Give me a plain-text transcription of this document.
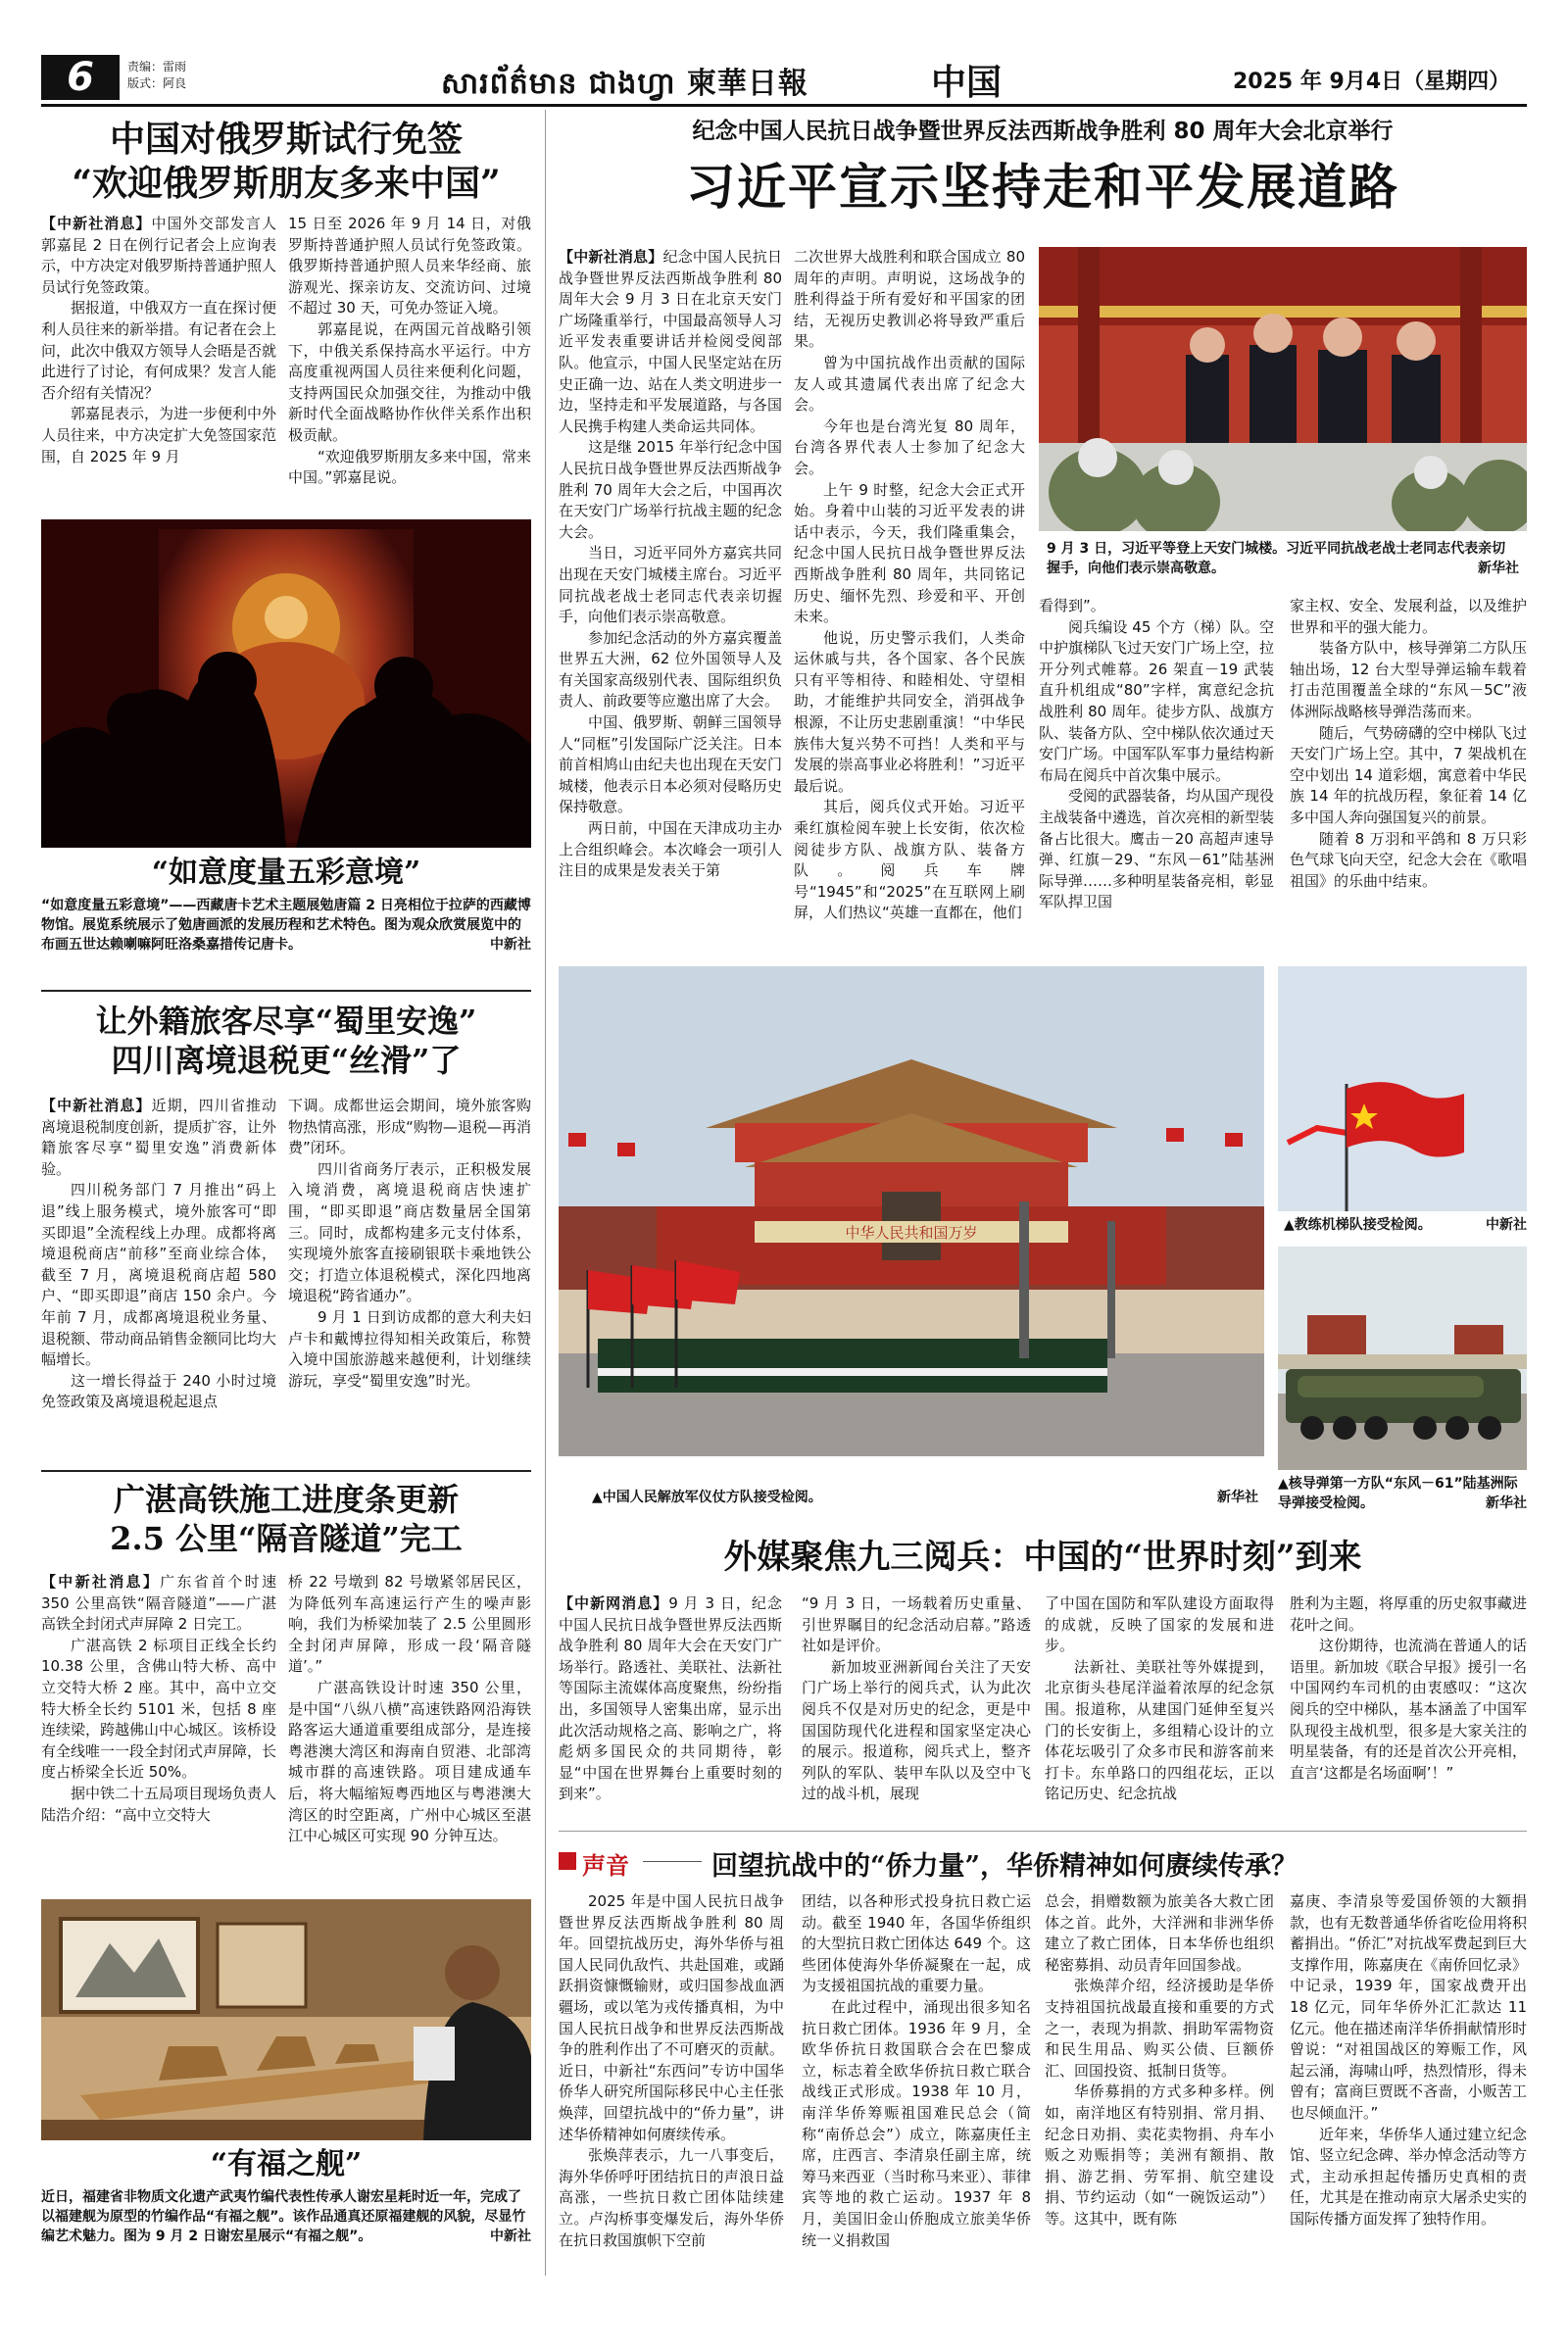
6	责编：雷雨
版式：阿良	សារព័ត៌មាន ជាងហ្វា 柬華日報	中国	2025 年 9月4日（星期四）
中国对俄罗斯试行免签
“欢迎俄罗斯朋友多来中国”

【中新社消息】中国外交部发言人郭嘉昆 2 日在例行记者会上应询表示，中方决定对俄罗斯持普通护照人员试行免签政策。

据报道，中俄双方一直在探讨便利人员往来的新举措。有记者在会上问，此次中俄双方领导人会晤是否就此进行了讨论，有何成果？发言人能否介绍有关情况？

郭嘉昆表示，为进一步便利中外人员往来，中方决定扩大免签国家范围，自 2025 年 9 月

15 日至 2026 年 9 月 14 日，对俄罗斯持普通护照人员试行免签政策。俄罗斯持普通护照人员来华经商、旅游观光、探亲访友、交流访问、过境不超过 30 天，可免办签证入境。

郭嘉昆说，在两国元首战略引领下，中俄关系保持高水平运行。中方高度重视两国人员往来便利化问题，支持两国民众加强交往，为推动中俄新时代全面战略协作伙伴关系作出积极贡献。

“欢迎俄罗斯朋友多来中国，常来中国。”郭嘉昆说。

“如意度量五彩意境”
“如意度量五彩意境”——西藏唐卡艺术主题展勉唐篇 2 日亮相位于拉萨的西藏博物馆。展览系统展示了勉唐画派的发展历程和艺术特色。图为观众欣赏展览中的布画五世达赖喇嘛阿旺洛桑嘉措传记唐卡。	中新社
让外籍旅客尽享“蜀里安逸”
四川离境退税更“丝滑”了

【中新社消息】近期，四川省推动离境退税制度创新，提质扩容，让外籍旅客尽享“蜀里安逸”消费新体验。

四川税务部门 7 月推出“码上退”线上服务模式，境外旅客可“即买即退”全流程线上办理。成都将离境退税商店“前移”至商业综合体，截至 7 月，离境退税商店超 580 户、“即买即退”商店 150 余户。今年前 7 月，成都离境退税业务量、退税额、带动商品销售金额同比均大幅增长。

这一增长得益于 240 小时过境免签政策及离境退税起退点

下调。成都世运会期间，境外旅客购物热情高涨，形成“购物—退税—再消费”闭环。

四川省商务厅表示，正积极发展入境消费，离境退税商店快速扩围，“即买即退”商店数量居全国第三。同时，成都构建多元支付体系，实现境外旅客直接刷银联卡乘地铁公交；打造立体退税模式，深化四地离境退税“跨省通办”。

9 月 1 日到访成都的意大利夫妇卢卡和戴博拉得知相关政策后，称赞入境中国旅游越来越便利，计划继续游玩，享受“蜀里安逸”时光。

广湛高铁施工进度条更新
2.5 公里“隔音隧道”完工

【中新社消息】广东省首个时速 350 公里高铁“隔音隧道”——广湛高铁全封闭式声屏障 2 日完工。

广湛高铁 2 标项目正线全长约 10.38 公里，含佛山特大桥、高中立交特大桥 2 座。其中，高中立交特大桥全长约 5101 米，包括 8 座连续梁，跨越佛山中心城区。该桥设有全线唯一一段全封闭式声屏障，长度占桥梁全长近 50%。

据中铁二十五局项目现场负责人陆浩介绍：“高中立交特大

桥 22 号墩到 82 号墩紧邻居民区，为降低列车高速运行产生的噪声影响，我们为桥梁加装了 2.5 公里圆形全封闭声屏障，形成一段‘隔音隧道’。”

广湛高铁设计时速 350 公里，是中国“八纵八横”高速铁路网沿海铁路客运大通道重要组成部分，是连接粤港澳大湾区和海南自贸港、北部湾城市群的高速铁路。项目建成通车后，将大幅缩短粤西地区与粤港澳大湾区的时空距离，广州中心城区至湛江中心城区可实现 90 分钟互达。

“有福之舰”
近日，福建省非物质文化遗产武夷竹编代表性传承人谢宏星耗时近一年，完成了以福建舰为原型的竹编作品“有福之舰”。该作品通真还原福建舰的风貌，尽显竹编艺术魅力。图为 9 月 2 日谢宏星展示“有福之舰”。	中新社
纪念中国人民抗日战争暨世界反法西斯战争胜利 80 周年大会北京举行
习近平宣示坚持走和平发展道路

【中新社消息】纪念中国人民抗日战争暨世界反法西斯战争胜利 80 周年大会 9 月 3 日在北京天安门广场隆重举行，中国最高领导人习近平发表重要讲话并检阅受阅部队。他宣示，中国人民坚定站在历史正确一边、站在人类文明进步一边，坚持走和平发展道路，与各国人民携手构建人类命运共同体。

这是继 2015 年举行纪念中国人民抗日战争暨世界反法西斯战争胜利 70 周年大会之后，中国再次在天安门广场举行抗战主题的纪念大会。

当日，习近平同外方嘉宾共同出现在天安门城楼主席台。习近平同抗战老战士老同志代表亲切握手，向他们表示崇高敬意。

参加纪念活动的外方嘉宾覆盖世界五大洲，62 位外国领导人及有关国家高级别代表、国际组织负责人、前政要等应邀出席了大会。

中国、俄罗斯、朝鲜三国领导人“同框”引发国际广泛关注。日本前首相鸠山由纪夫也出现在天安门城楼，他表示日本必须对侵略历史保持敬意。

两日前，中国在天津成功主办上合组织峰会。本次峰会一项引人注目的成果是发表关于第

二次世界大战胜利和联合国成立 80 周年的声明。声明说，这场战争的胜利得益于所有爱好和平国家的团结，无视历史教训必将导致严重后果。

曾为中国抗战作出贡献的国际友人或其遗属代表出席了纪念大会。

今年也是台湾光复 80 周年，台湾各界代表人士参加了纪念大会。

上午 9 时整，纪念大会正式开始。身着中山装的习近平发表的讲话中表示，今天，我们隆重集会，纪念中国人民抗日战争暨世界反法西斯战争胜利 80 周年，共同铭记历史、缅怀先烈、珍爱和平、开创未来。

他说，历史警示我们，人类命运休戚与共，各个国家、各个民族只有平等相待、和睦相处、守望相助，才能维护共同安全，消弭战争根源，不让历史悲剧重演！“中华民族伟大复兴势不可挡！人类和平与发展的崇高事业必将胜利！”习近平最后说。

其后，阅兵仪式开始。习近平乘红旗检阅车驶上长安街，依次检阅徒步方队、战旗方队、装备方队。阅兵车牌号“1945”和“2025”在互联网上刷屏，人们热议“英雄一直都在，他们

9 月 3 日，习近平等登上天安门城楼。习近平同抗战老战士老同志代表亲切握手，向他们表示崇高敬意。	新华社

看得到”。

阅兵编设 45 个方（梯）队。空中护旗梯队飞过天安门广场上空，拉开分列式帷幕。26 架直－19 武装直升机组成“80”字样，寓意纪念抗战胜利 80 周年。徒步方队、战旗方队、装备方队、空中梯队依次通过天安门广场。中国军队军事力量结构新布局在阅兵中首次集中展示。

受阅的武器装备，均从国产现役主战装备中遴选，首次亮相的新型装备占比很大。鹰击－20 高超声速导弹、红旗－29、“东风－61”陆基洲际导弹……多种明星装备亮相，彰显军队捍卫国

家主权、安全、发展利益，以及维护世界和平的强大能力。

装备方队中，核导弹第二方队压轴出场，12 台大型导弹运输车载着打击范围覆盖全球的“东风－5C”液体洲际战略核导弹浩荡而来。

随后，气势磅礴的空中梯队飞过天安门广场上空。其中，7 架战机在空中划出 14 道彩烟，寓意着中华民族 14 年的抗战历程，象征着 14 亿多中国人奔向强国复兴的前景。

随着 8 万羽和平鸽和 8 万只彩色气球飞向天空，纪念大会在《歌唱祖国》的乐曲中结束。

中华人民共和国万岁
▲中国人民解放军仪仗方队接受检阅。	新华社
▲教练机梯队接受检阅。	中新社
▲核导弹第一方队“东风－61”陆基洲际导弹接受检阅。	新华社
外媒聚焦九三阅兵：中国的“世界时刻”到来

【中新网消息】9 月 3 日，纪念中国人民抗日战争暨世界反法西斯战争胜利 80 周年大会在天安门广场举行。路透社、美联社、法新社等国际主流媒体高度聚焦，纷纷指出，多国领导人密集出席，显示出此次活动规格之高、影响之广，将彪炳多国民众的共同期待，彰显“中国在世界舞台上重要时刻的到来”。

“9 月 3 日，一场载着历史重量、引世界瞩目的纪念活动启幕。”路透社如是评价。

新加坡亚洲新闻台关注了天安门广场上举行的阅兵式，认为此次阅兵不仅是对历史的纪念，更是中国国防现代化进程和国家坚定决心的展示。报道称，阅兵式上，整齐列队的军队、装甲车队以及空中飞过的战斗机，展现

了中国在国防和军队建设方面取得的成就，反映了国家的发展和进步。

法新社、美联社等外媒提到，北京街头巷尾洋溢着浓厚的纪念氛围。报道称，从建国门延伸至复兴门的长安街上，多组精心设计的立体花坛吸引了众多市民和游客前来打卡。东单路口的四组花坛，正以铭记历史、纪念抗战

胜利为主题，将厚重的历史叙事藏进花叶之间。

这份期待，也流淌在普通人的话语里。新加坡《联合早报》援引一名中国网约车司机的由衷感叹：“这次阅兵的空中梯队，基本涵盖了中国军队现役主战机型，很多是大家关注的明星装备，有的还是首次公开亮相，直言‘这都是名场面啊’！”

声音	回望抗战中的“侨力量”，华侨精神如何赓续传承？

2025 年是中国人民抗日战争暨世界反法西斯战争胜利 80 周年。回望抗战历史，海外华侨与祖国人民同仇敌忾、共赴国难，或踊跃捐资慷慨输财，或归国参战血洒疆场，或以笔为戎传播真相，为中国人民抗日战争和世界反法西斯战争的胜利作出了不可磨灭的贡献。近日，中新社“东西问”专访中国华侨华人研究所国际移民中心主任张焕萍，回望抗战中的“侨力量”，讲述华侨精神如何赓续传承。

张焕萍表示，九一八事变后，海外华侨呼吁团结抗日的声浪日益高涨，一些抗日救亡团体陆续建立。卢沟桥事变爆发后，海外华侨在抗日救国旗帜下空前

团结，以各种形式投身抗日救亡运动。截至 1940 年，各国华侨组织的大型抗日救亡团体达 649 个。这些团体使海外华侨凝聚在一起，成为支援祖国抗战的重要力量。

在此过程中，涌现出很多知名抗日救亡团体。1936 年 9 月，全欧华侨抗日救国联合会在巴黎成立，标志着全欧华侨抗日救亡联合战线正式形成。1938 年 10 月，南洋华侨筹赈祖国难民总会（简称“南侨总会”）成立，陈嘉庚任主席，庄西言、李清泉任副主席，统筹马来西亚（当时称马来亚）、菲律宾等地的救亡运动。1937 年 8 月，美国旧金山侨胞成立旅美华侨统一义捐救国

总会，捐赠数额为旅美各大救亡团体之首。此外，大洋洲和非洲华侨建立了救亡团体，日本华侨也组织秘密募捐、动员青年回国参战。

张焕萍介绍，经济援助是华侨支持祖国抗战最直接和重要的方式之一，表现为捐款、捐助军需物资和民生用品、购买公债、巨额侨汇、回国投资、抵制日货等。

华侨募捐的方式多种多样。例如，南洋地区有特别捐、常月捐、纪念日劝捐、卖花卖物捐、舟车小贩之劝赈捐等；美洲有额捐、散捐、游艺捐、劳军捐、航空建设捐、节约运动（如“一碗饭运动”）等。这其中，既有陈

嘉庚、李清泉等爱国侨领的大额捐款，也有无数普通华侨省吃俭用将积蓄捐出。“侨汇”对抗战军费起到巨大支撑作用，陈嘉庚在《南侨回忆录》中记录，1939 年，国家战费开出 18 亿元，同年华侨外汇汇款达 11 亿元。他在描述南洋华侨捐献情形时曾说：“对祖国战区的筹赈工作，风起云涌，海啸山呼，热烈情形，得未曾有；富商巨贾既不吝啬，小贩苦工也尽倾血汗。”

近年来，华侨华人通过建立纪念馆、竖立纪念碑、举办悼念活动等方式，主动承担起传播历史真相的责任，尤其是在推动南京大屠杀史实的国际传播方面发挥了独特作用。
